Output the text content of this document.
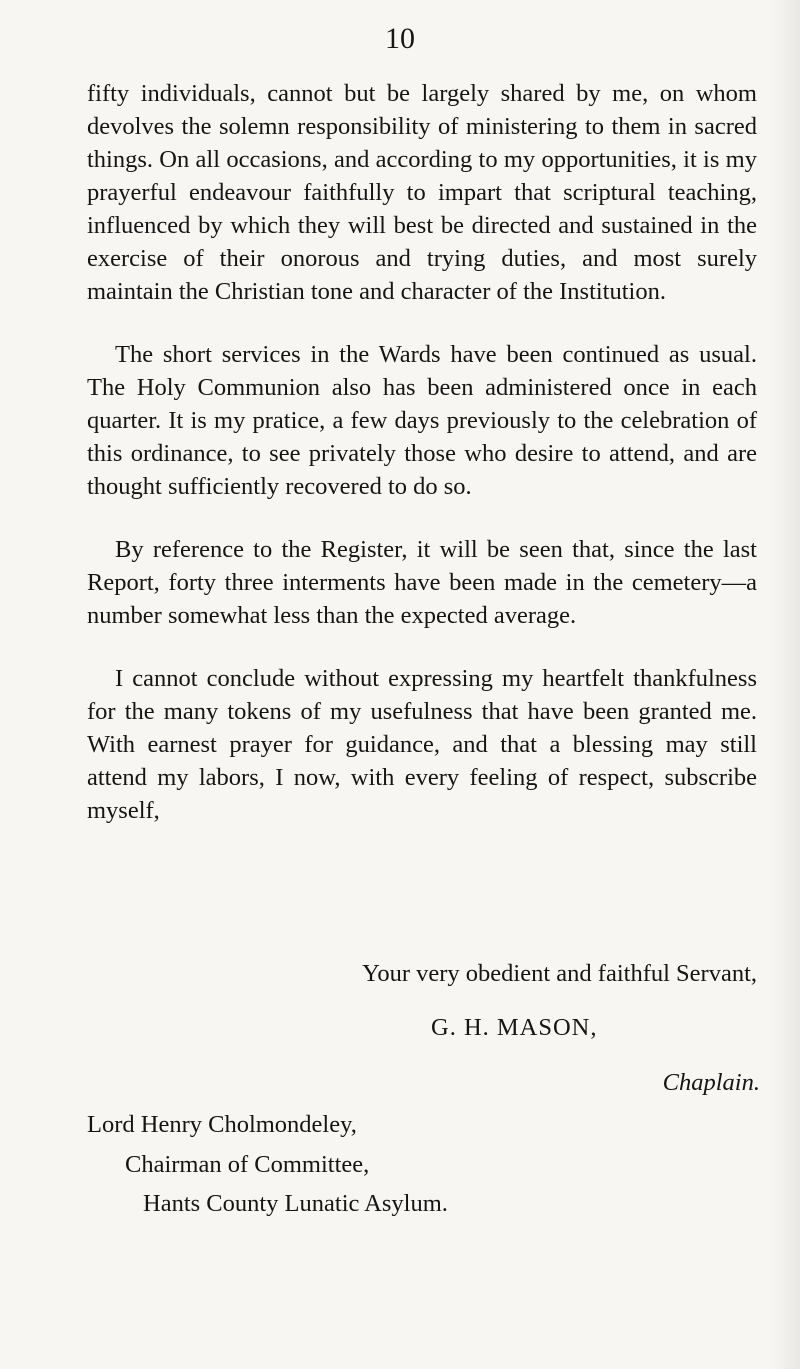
10

fifty individuals, cannot but be largely shared by me, on whom devolves the solemn responsibility of ministering to them in sacred things. On all occasions, and according to my opportunities, it is my prayerful endeavour faithfully to impart that scriptural teaching, influenced by which they will best be directed and sustained in the exercise of their onorous and trying duties, and most surely maintain the Christian tone and character of the Institution.

The short services in the Wards have been continued as usual. The Holy Communion also has been administered once in each quarter. It is my pratice, a few days previously to the celebration of this ordinance, to see privately those who desire to attend, and are thought sufficiently recovered to do so.

By reference to the Register, it will be seen that, since the last Report, forty three interments have been made in the cemetery—a number somewhat less than the expected average.

I cannot conclude without expressing my heartfelt thankfulness for the many tokens of my usefulness that have been granted me. With earnest prayer for guidance, and that a blessing may still attend my labors, I now, with every feeling of respect, subscribe myself,

Your very obedient and faithful Servant,
G. H. MASON,
Chaplain.
Lord Henry Cholmondeley,
Chairman of Committee,
Hants County Lunatic Asylum.
